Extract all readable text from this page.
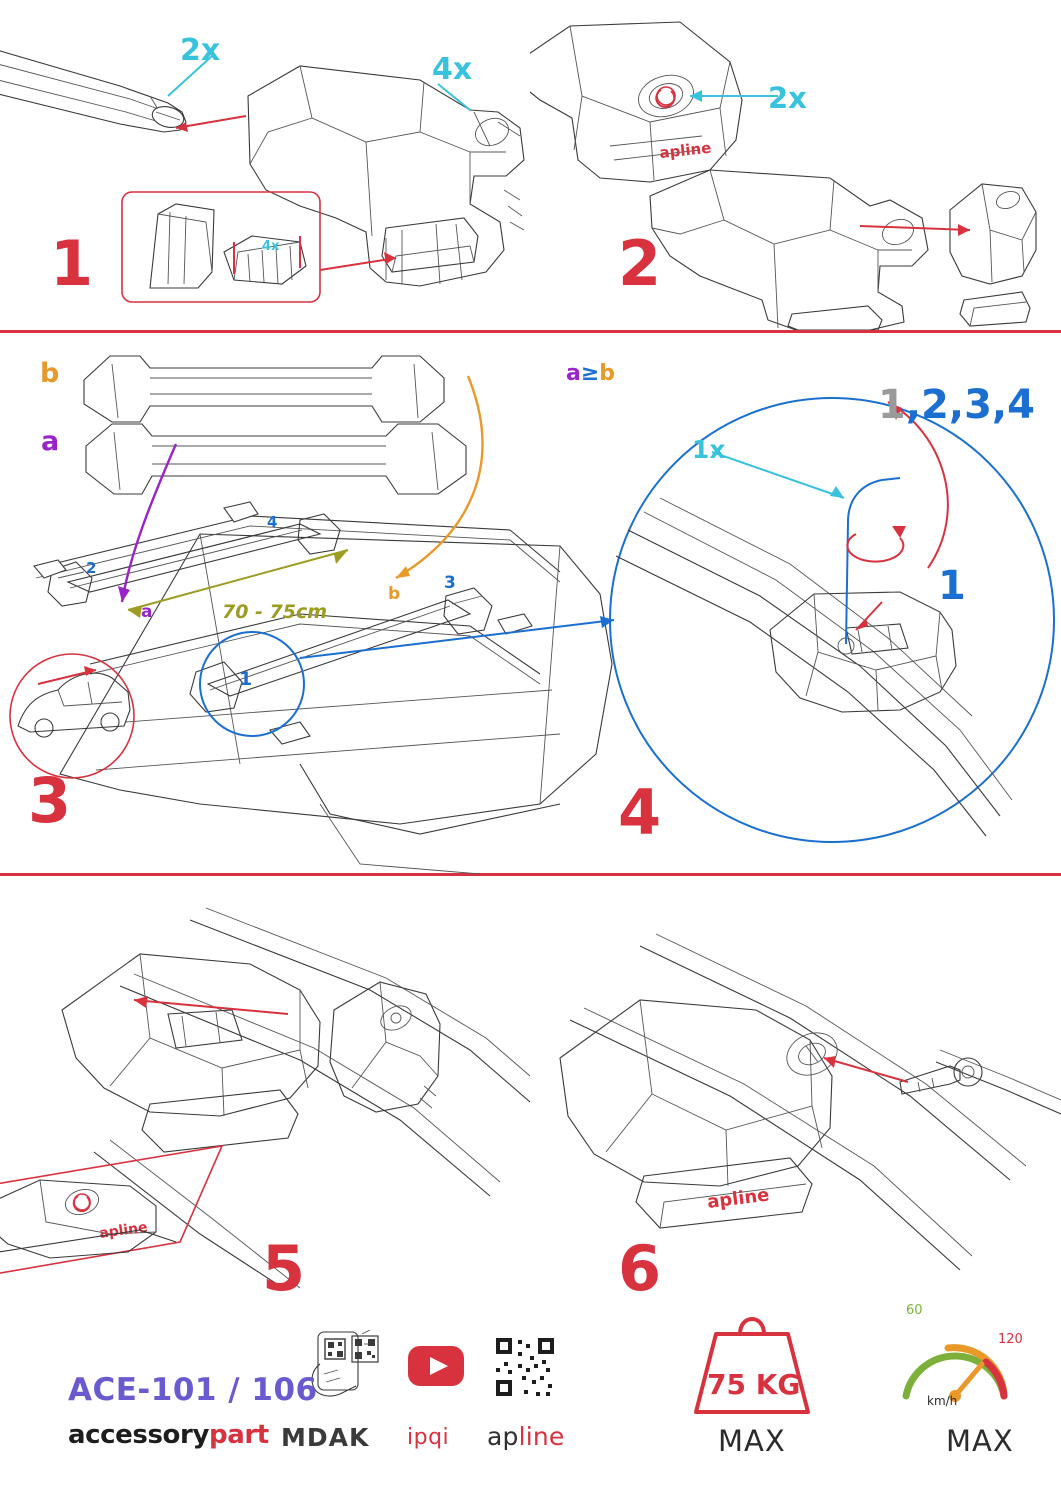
apline
apline
apline
1	2
3	4
5	6
2x
4x
2x
4x
b
a
a≥b
1x
1,2,3,4
1
70 - 75cm
1
2
3
4
a
b
ACE-101 / 106
accessorypart MDAK ipqi apline
75 KG
MAX
km/h
MAX
60
120
